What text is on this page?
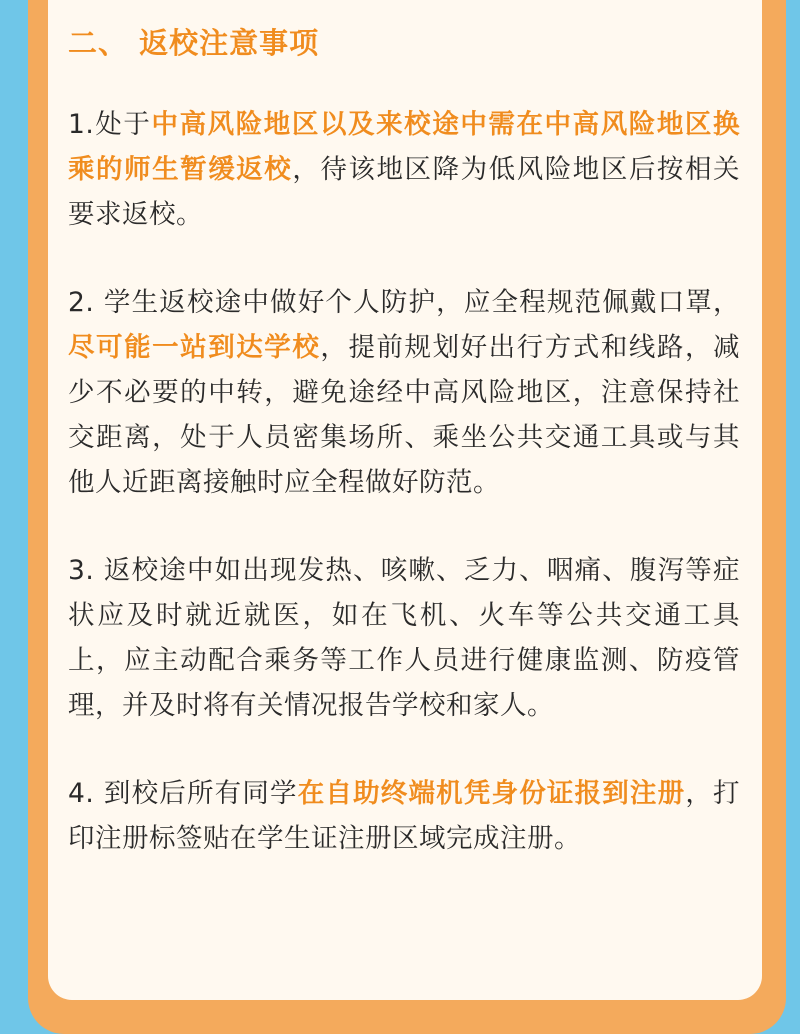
二、 返校注意事项
1.处于中高风险地区以及来校途中需在中高风险地区换乘的师生暂缓返校，待该地区降为低风险地区后按相关要求返校。
2. 学生返校途中做好个人防护，应全程规范佩戴口罩，尽可能一站到达学校，提前规划好出行方式和线路，减少不必要的中转，避免途经中高风险地区，注意保持社交距离，处于人员密集场所、乘坐公共交通工具或与其他人近距离接触时应全程做好防范。
3. 返校途中如出现发热、咳嗽、乏力、咽痛、腹泻等症状应及时就近就医，如在飞机、火车等公共交通工具上，应主动配合乘务等工作人员进行健康监测、防疫管理，并及时将有关情况报告学校和家人。
4. 到校后所有同学在自助终端机凭身份证报到注册，打印注册标签贴在学生证注册区域完成注册。
